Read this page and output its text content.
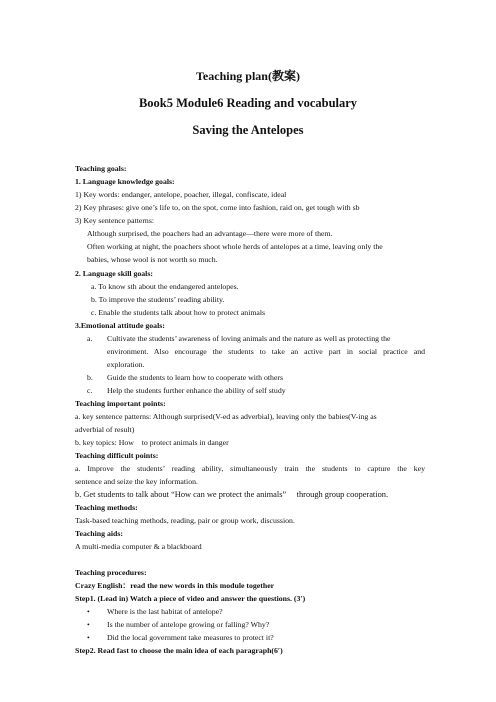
Teaching plan(教案)
Book5 Module6 Reading and vocabulary
Saving the Antelopes
Teaching goals:
1. Language knowledge goals:
1) Key words: endanger, antelope, poacher, illegal, confiscate, ideal
2) Key phrases: give one’s life to, on the spot, come into fashion, raid on, get tough with sb
3) Key sentence patterns:
Although surprised, the poachers had an advantage—there were more of them.
Often working at night, the poachers shoot whole herds of antelopes at a time, leaving only the
babies, whose wool is not worth so much.
2. Language skill goals:
a. To know sth about the endangered antelopes.
b. To improve the students’ reading ability.
c. Enable the students talk about how to protect animals
3.Emotional attitude goals:
a.	Cultivate the students’ awareness of loving animals and the nature as well as protecting the
environment. Also encourage the students to take an active part in social practice and
exploration.
b.	Guide the students to learn how to cooperate with others
c.	Help the students further enhance the ability of self study
Teaching important points:
a. key sentence patterns: Although surprised(V-ed as adverbial), leaving only the babies(V-ing as
adverbial of result)
b. key topics: How    to protect animals in danger
Teaching difficult points:
a. Improve the students’ reading ability, simultaneously train the students to capture the key
sentence and seize the key information.
b. Get students to talk about “How can we protect the animals”     through group cooperation.
Teaching methods:
Task-based teaching methods, reading, pair or group work, discussion.
Teaching aids:
A multi-media computer & a blackboard
Teaching procedures:
Crazy English：read the new words in this module together
Step1. (Lead in) Watch a piece of video and answer the questions. (3′)
• Where is the last habitat of antelope?
• Is the number of antelope growing or falling? Why?
• Did the local government take measures to protect it?
Step2. Read fast to choose the main idea of each paragraph(6′)
